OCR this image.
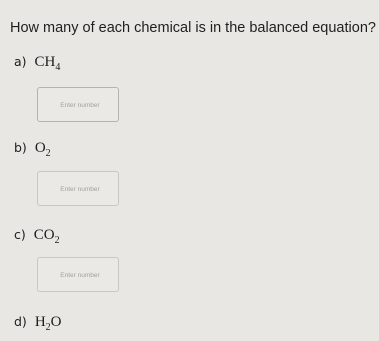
How many of each chemical is in the balanced equation?
a) $CH_4$
Enter number
b) $O_2$
Enter number
c) $CO_2$
Enter number
d) $H_2O$
